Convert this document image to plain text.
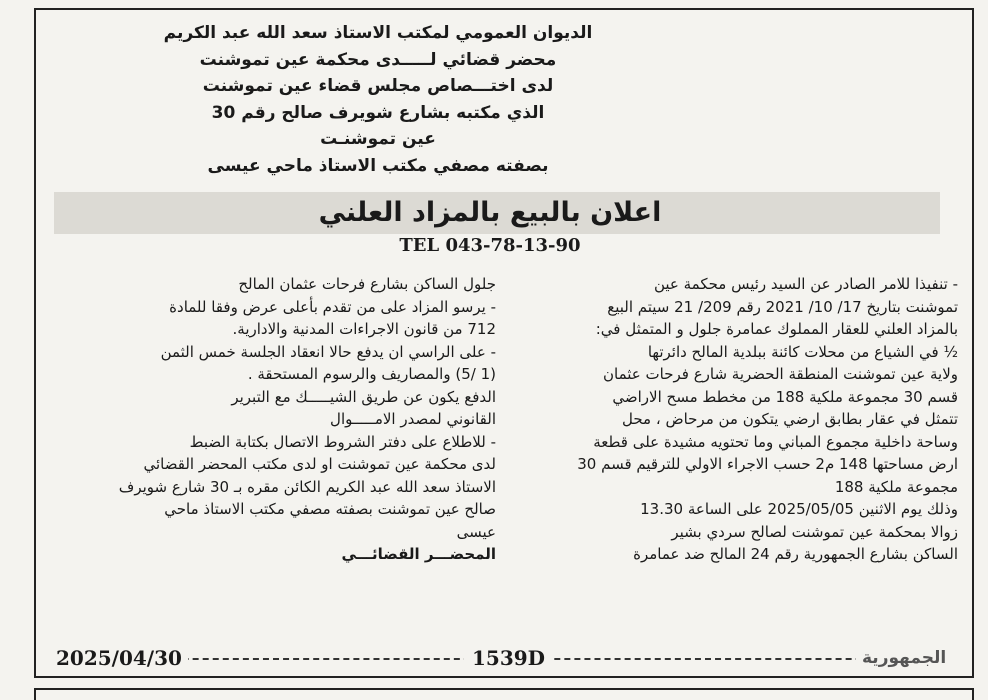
الديوان العمومي لمكتب الاستاذ سعد الله عبد الكريم
محضر قضائي لـــــدى محكمة عين تموشنت
لدى اختـــصاص مجلس قضاء عين تموشنت
الذي مكتبه بشارع شويرف صالح رقم 30
عين تموشنـت
بصفته مصفي مكتب الاستاذ ماحي عيسى
اعلان بالبيع بالمزاد العلني
TEL 043-78-13-90
- تنفيذا للامر الصادر عن السيد رئيس محكمة عين
تموشنت بتاريخ 17/ 10/ 2021 رقم 209/ 21 سيتم البيع
بالمزاد العلني للعقار المملوك عمامرة جلول و المتمثل في:
½ في الشياع من محلات كائنة ببلدية المالح دائرتها
ولاية عين تموشنت المنطقة الحضرية شارع فرحات عثمان
قسم 30 مجموعة ملكية 188 من مخطط مسح الاراضي
تتمثل في عقار بطابق ارضي يتكون من مرحاض ، محل
وساحة داخلية مجموع المباني وما تحتويه مشيدة على قطعة
ارض مساحتها 148 م2 حسب الاجراء الاولي للترقيم قسم 30
مجموعة ملكية 188
وذلك يوم الاثنين 2025/05/05 على الساعة 13.30
زوالا بمحكمة عين تموشنت لصالح سردي بشير
الساكن بشارع الجمهورية رقم 24 المالح ضد عمامرة
جلول الساكن بشارع فرحات عثمان المالح
- يرسو المزاد على من تقدم بأعلى عرض وفقا للمادة
712 من قانون الاجراءات المدنية والادارية.
- على الراسي ان يدفع حالا انعقاد الجلسة خمس الثمن
(1 /5) والمصاريف والرسوم المستحقة .
الدفع يكون عن طريق الشيـــــك مع التبرير
القانوني لمصدر الامـــــوال
- للاطلاع على دفتر الشروط الاتصال بكتابة الضبط
لدى محكمة عين تموشنت او لدى مكتب المحضر القضائي
الاستاذ سعد الله عبد الكريم الكائن مقره بـ 30 شارع شويرف
صالح عين تموشنت بصفته مصفي مكتب الاستاذ ماحي
عيسى
المحضـــر القضائـــي
2025/04/30	1539D	الجمهورية
